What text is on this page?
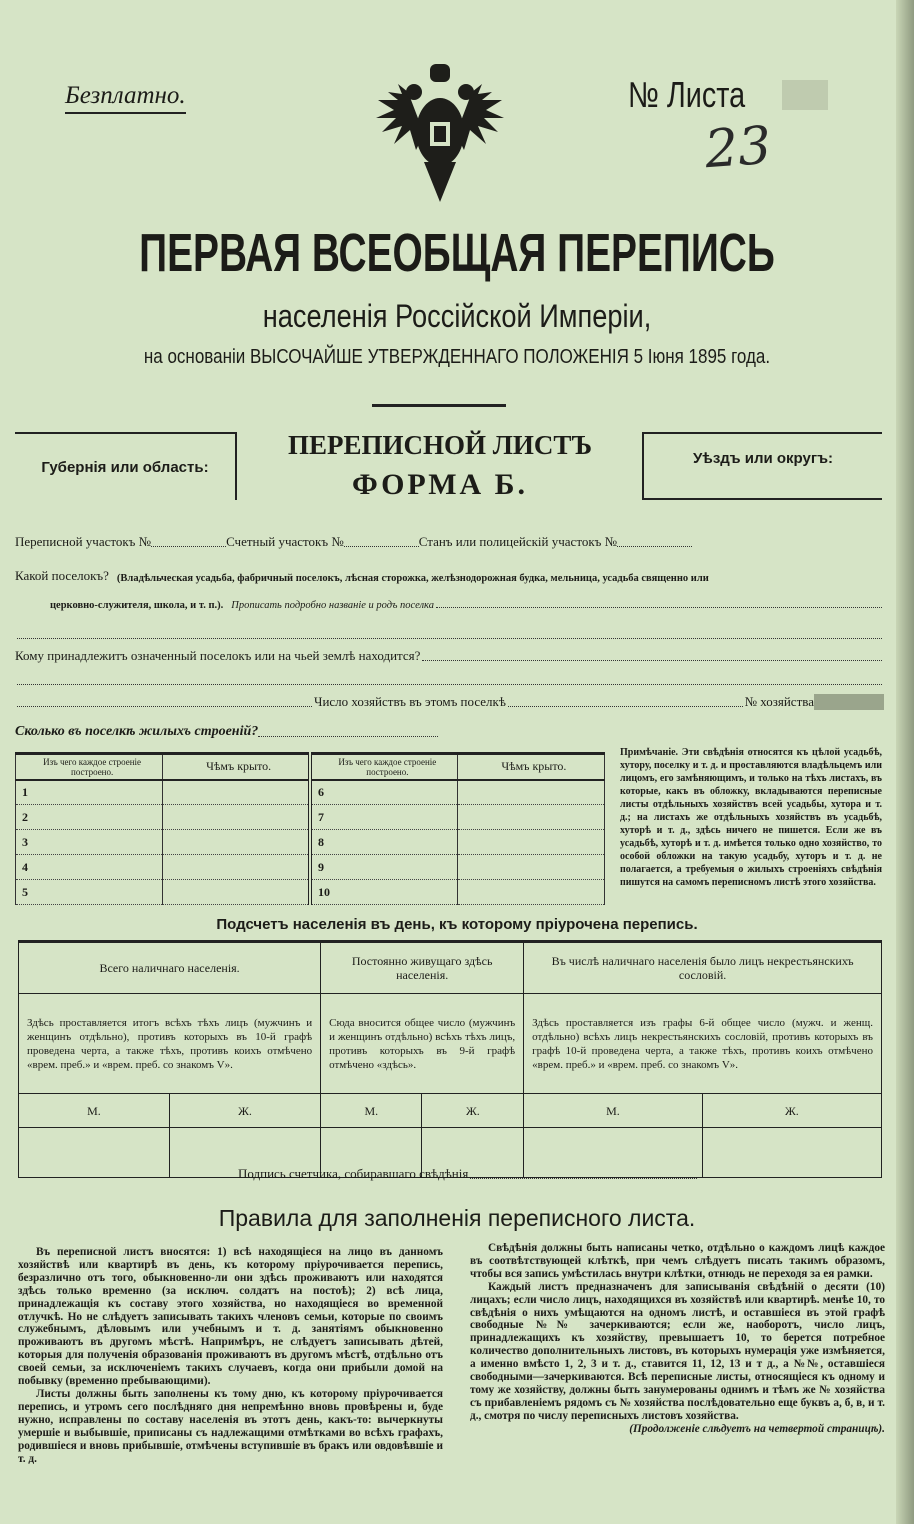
Безплатно.	№ Листа
23
ПЕРВАЯ ВСЕОБЩАЯ ПЕРЕПИСЬ
населенія Россійской Имперіи,
на основаніи ВЫСОЧАЙШЕ УТВЕРЖДЕННАГО ПОЛОЖЕНІЯ 5 Іюня 1895 года.
Губернія или область:
ПЕРЕПИСНОЙ ЛИСТЪ
ФОРМА Б.
Уѣздъ или округъ:
Переписной участокъ №	Счетный участокъ №	Станъ или полицейскій участокъ №
Какой поселокъ? (Владѣльческая усадьба, фабричный поселокъ, лѣсная сторожка, желѣзнодорожная будка, мельница, усадьба священно или
церковно-служителя, школа, и т. п.). Прописать подробно названіе и родъ поселка
Кому принадлежитъ означенный поселокъ или на чьей землѣ находится?
Число хозяйствъ въ этомъ поселкѣ	№ хозяйства
Сколько въ поселкѣ жилыхъ строеній?
Изъ чего каждое строеніе построено.	Чѣмъ крыто.	Изъ чего каждое строеніе построено.	Чѣмъ крыто.
1		6	
2		7	
3		8	
4		9	
5		10	
Примѣчаніе. Эти свѣдѣнія относятся къ цѣлой усадьбѣ, хутору, поселку и т. д. и проставляются владѣльцемъ или лицомъ, его замѣняющимъ, и только на тѣхъ листахъ, въ которые, какъ въ обложку, вкладываются переписные листы отдѣльныхъ хозяйствъ всей усадьбы, хутора и т. д.; на листахъ же отдѣльныхъ хозяйствъ въ усадьбѣ, хуторѣ и т. д., здѣсь ничего не пишется. Если же въ усадьбѣ, хуторѣ и т. д. имѣется только одно хозяйство, то особой обложки на такую усадьбу, хуторъ и т. д. не полагается, а требуемыя о жилыхъ строеніяхъ свѣдѣнія пишутся на самомъ переписномъ листѣ этого хозяйства.
Подсчетъ населенія въ день, къ которому пріурочена перепись.
Всего наличнаго населенія.		Постоянно живущаго здѣсь населенія.		Въ числѣ наличнаго населенія было лицъ некрестьянскихъ сословій.	
Здѣсь проставляется итогъ всѣхъ тѣхъ лицъ (мужчинъ и женщинъ отдѣльно), противъ которыхъ въ 10-й графѣ проведена черта, а также тѣхъ, противъ коихъ отмѣчено «врем. преб.» и «врем. преб. со знакомъ V».		Сюда вносится общее число (мужчинъ и женщинъ отдѣльно) всѣхъ тѣхъ лицъ, противъ которыхъ въ 9-й графѣ отмѣчено «здѣсь».		Здѣсь проставляется изъ графы 6-й общее число (мужч. и женщ. отдѣльно) всѣхъ лицъ некрестьянскихъ сословій, противъ которыхъ въ графѣ 10-й проведена черта, а также тѣхъ, противъ коихъ отмѣчено «врем. преб.» и «врем. преб. со знакомъ V».	
М.	Ж.	М.	Ж.	М.	Ж.

Подпись счетчика, собиравшаго свѣдѣнія
Правила для заполненія переписного листа.

Въ переписной листъ вносятся: 1) всѣ находящіеся на лицо въ данномъ хозяйствѣ или квартирѣ въ день, къ которому пріурочивается перепись, безразлично отъ того, обыкновенно-ли они здѣсь проживаютъ или находятся здѣсь только временно (за исключ. солдатъ на постоѣ); 2) всѣ лица, принадлежащія къ составу этого хозяйства, но находящіеся во временной отлучкѣ. Но не слѣдуетъ записывать такихъ членовъ семьи, которые по своимъ служебнымъ, дѣловымъ или учебнымъ и т. д. занятіямъ обыкновенно проживаютъ въ другомъ мѣстѣ. Напримѣръ, не слѣдуетъ записывать дѣтей, которыя для полученія образованія проживаютъ въ другомъ мѣстѣ, отдѣльно отъ своей семьи, за исключеніемъ такихъ случаевъ, когда они прибыли домой на побывку (временно пребывающими).

Листы должны быть заполнены къ тому дню, къ которому пріурочивается перепись, и утромъ сего послѣдняго дня непремѣнно вновь провѣрены и, буде нужно, исправлены по составу населенія въ этотъ день, какъ-то: вычеркнуты умершіе и выбывшіе, приписаны съ надлежащими отмѣтками во всѣхъ графахъ, родившіеся и вновь прибывшіе, отмѣчены вступившіе въ бракъ или овдовѣвшіе и т. д.

Свѣдѣнія должны быть написаны четко, отдѣльно о каждомъ лицѣ каждое въ соотвѣтствующей клѣткѣ, при чемъ слѣдуетъ писать такимъ образомъ, чтобы вся запись умѣстилась внутри клѣтки, отнюдь не переходя за ея рамки.

Каждый листъ предназначенъ для записыванія свѣдѣній о десяти (10) лицахъ; если число лицъ, находящихся въ хозяйствѣ или квартирѣ. менѣе 10, то свѣдѣнія о нихъ умѣщаются на одномъ листѣ, и оставшіеся въ этой графѣ свободные №№ зачеркиваются; если же, наоборотъ, число лицъ, принадлежащихъ къ хозяйству, превышаетъ 10, то берется потребное количество дополнительныхъ листовъ, въ которыхъ нумерація уже измѣняется, а именно вмѣсто 1, 2, 3 и т. д., ставится 11, 12, 13 и т д., а №№, оставшіеся свободными—зачеркиваются. Всѣ переписные листы, относящіеся къ одному и тому же хозяйству, должны быть занумерованы однимъ и тѣмъ же № хозяйства съ прибавленіемъ рядомъ съ № хозяйства послѣдовательно еще буквъ а, б, в, и т. д., смотря по числу переписныхъ листовъ хозяйства.

(Продолженіе слѣдуетъ на четвертой страницѣ).
